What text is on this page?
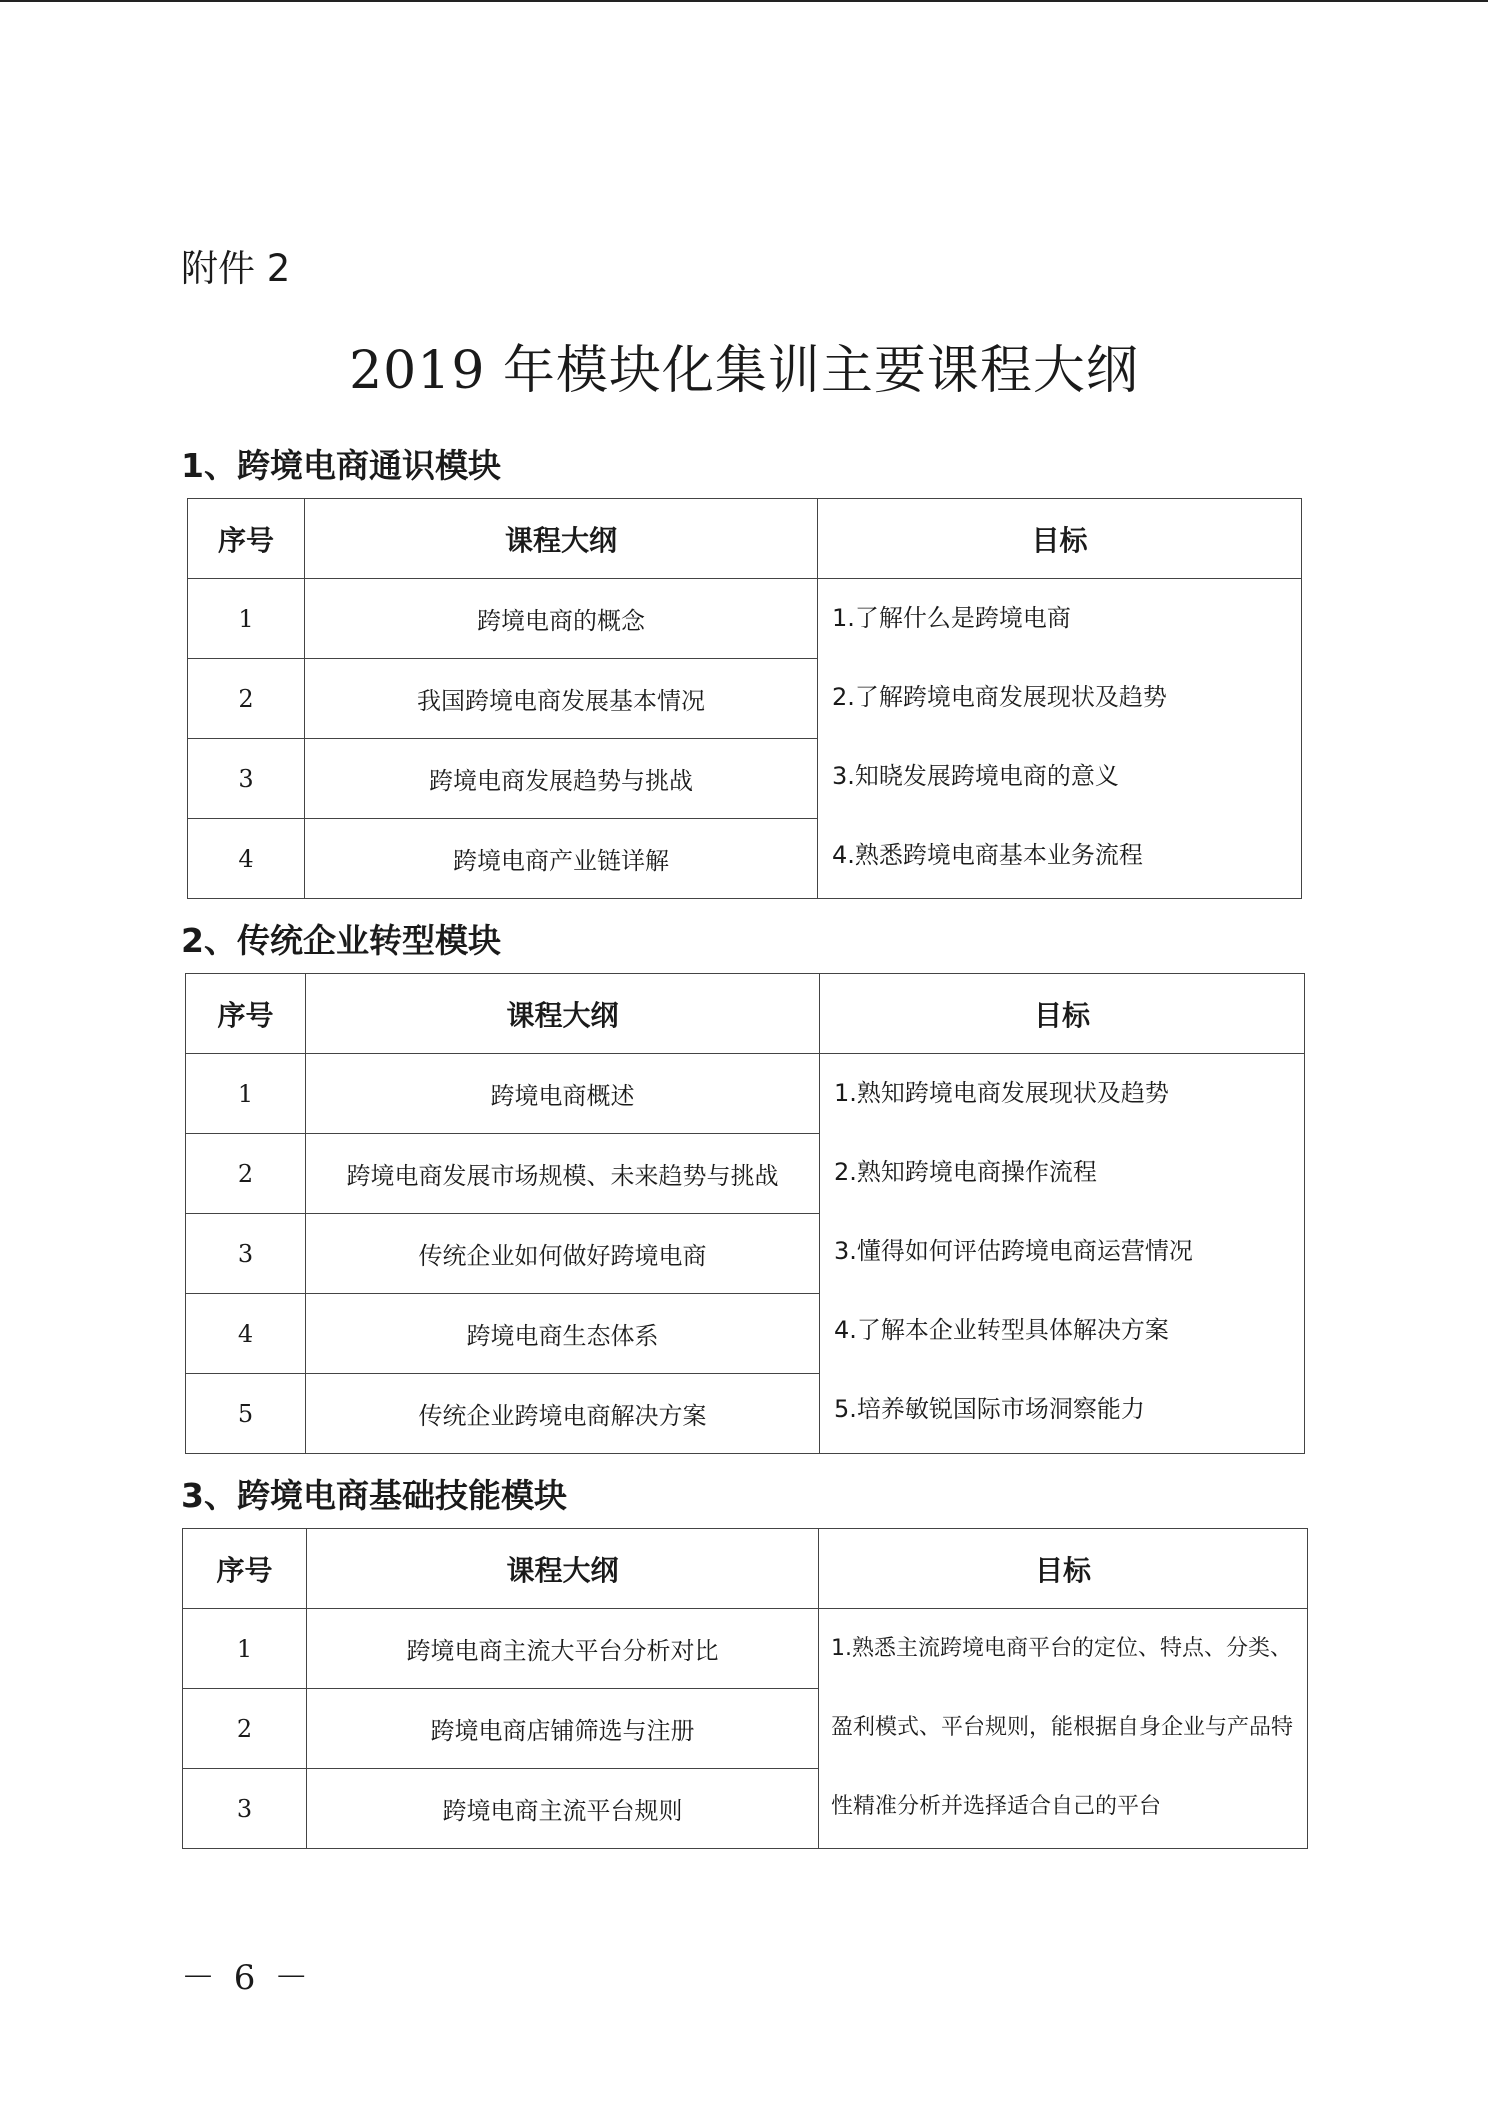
附件 2
2019 年模块化集训主要课程大纲
1、跨境电商通识模块
序号	课程大纲	目标
1	跨境电商的概念	1.了解什么是跨境电商
2.了解跨境电商发展现状及趋势
3.知晓发展跨境电商的意义
4.熟悉跨境电商基本业务流程

2	我国跨境电商发展基本情况	
3	跨境电商发展趋势与挑战	
4	跨境电商产业链详解	
2、传统企业转型模块
序号	课程大纲	目标
1	跨境电商概述	1.熟知跨境电商发展现状及趋势
2.熟知跨境电商操作流程
3.懂得如何评估跨境电商运营情况
4.了解本企业转型具体解决方案
5.培养敏锐国际市场洞察能力

2	跨境电商发展市场规模、未来趋势与挑战	
3	传统企业如何做好跨境电商	
4	跨境电商生态体系	
5	传统企业跨境电商解决方案	
3、跨境电商基础技能模块
序号	课程大纲	目标
1	跨境电商主流大平台分析对比	1.熟悉主流跨境电商平台的定位、特点、分类、
盈利模式、平台规则，能根据自身企业与产品特
性精准分析并选择适合自己的平台

2	跨境电商店铺筛选与注册	
3	跨境电商主流平台规则	
－ 6 －
